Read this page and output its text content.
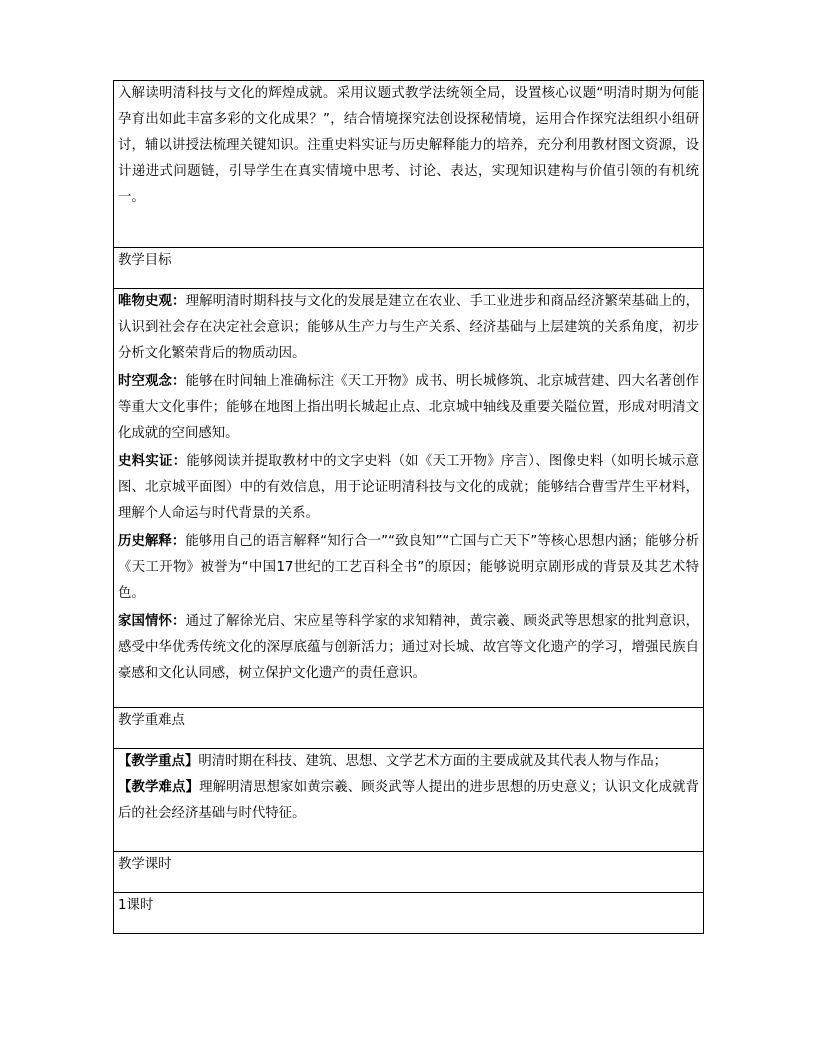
入解读明清科技与文化的辉煌成就。采用议题式教学法统领全局，设置核心议题“明清时期为何能孕育出如此丰富多彩的文化成果？”，结合情境探究法创设探秘情境，运用合作探究法组织小组研讨，辅以讲授法梳理关键知识。注重史料实证与历史解释能力的培养，充分利用教材图文资源，设计递进式问题链，引导学生在真实情境中思考、讨论、表达，实现知识建构与价值引领的有机统一。
教学目标

唯物史观：理解明清时期科技与文化的发展是建立在农业、手工业进步和商品经济繁荣基础上的，认识到社会存在决定社会意识；能够从生产力与生产关系、经济基础与上层建筑的关系角度，初步分析文化繁荣背后的物质动因。

时空观念：能够在时间轴上准确标注《天工开物》成书、明长城修筑、北京城营建、四大名著创作等重大文化事件；能够在地图上指出明长城起止点、北京城中轴线及重要关隘位置，形成对明清文化成就的空间感知。

史料实证：能够阅读并提取教材中的文字史料（如《天工开物》序言）、图像史料（如明长城示意图、北京城平面图）中的有效信息，用于论证明清科技与文化的成就；能够结合曹雪芹生平材料，理解个人命运与时代背景的关系。

历史解释：能够用自己的语言解释“知行合一”“致良知”“亡国与亡天下”等核心思想内涵；能够分析《天工开物》被誉为“中国17世纪的工艺百科全书”的原因；能够说明京剧形成的背景及其艺术特色。

家国情怀：通过了解徐光启、宋应星等科学家的求知精神，黄宗羲、顾炎武等思想家的批判意识，感受中华优秀传统文化的深厚底蕴与创新活力；通过对长城、故宫等文化遗产的学习，增强民族自豪感和文化认同感，树立保护文化遗产的责任意识。

教学重难点

【教学重点】明清时期在科技、建筑、思想、文学艺术方面的主要成就及其代表人物与作品；

【教学难点】理解明清思想家如黄宗羲、顾炎武等人提出的进步思想的历史意义；认识文化成就背后的社会经济基础与时代特征。

教学课时
1课时
